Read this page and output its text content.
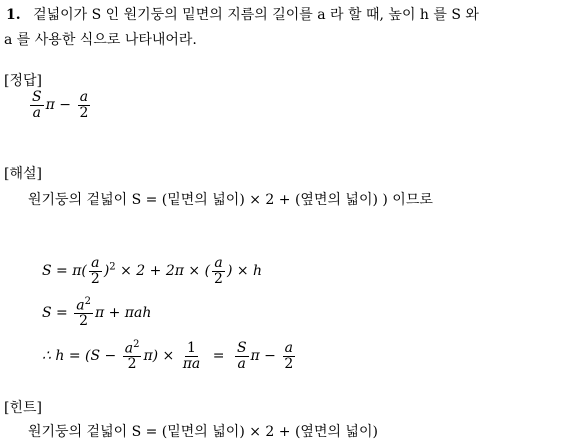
1. 겉넓이가 S 인 원기둥의 밑면의 지름의 길이를 a 라 할 때, 높이 h 를 S 와
a 를 사용한 식으로 나타내어라.
[정답]
$\frac{S}{a}$ $\pi - \frac{a}{2}$
[해설]
원기둥의 겉넓이 S = (밑면의 넓이) × 2 + (옆면의 넓이) ) 이므로
$S = \pi( \frac{a}{2} )^2 \times 2 + 2\pi$ × ( $\frac{a}{2}$ ) × h
$S = \frac{a^2}{2}$ π + πah
∴ $h = (S - \frac{a^2}{2} \pi) \times \frac{1}{\pi a} = \frac{S}{a}$ $\pi - \frac{a}{2}$
[힌트]
원기둥의 겉넓이 S = (밑면의 넓이) × 2 + (옆면의 넓이)
